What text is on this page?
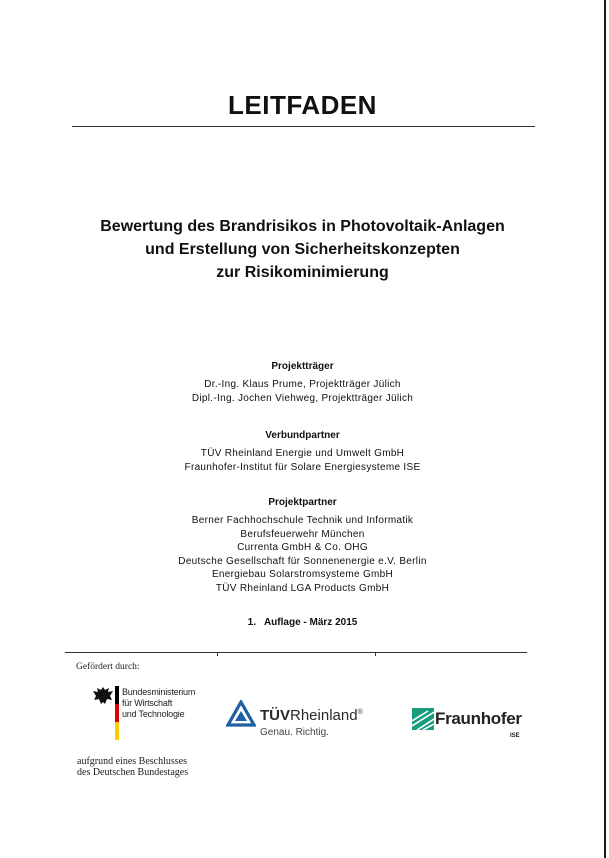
LEITFADEN
Bewertung des Brandrisikos in Photovoltaik-Anlagen
und Erstellung von Sicherheitskonzepten
zur Risikominimierung
Projektträger
Dr.-Ing. Klaus Prume, Projektträger Jülich
Dipl.-Ing. Jochen Viehweg, Projektträger Jülich
Verbundpartner
TÜV Rheinland Energie und Umwelt GmbH
Fraunhofer-Institut für Solare Energiesysteme ISE
Projektpartner
Berner Fachhochschule Technik und Informatik
Berufsfeuerwehr München
Currenta GmbH & Co. OHG
Deutsche Gesellschaft für Sonnenenergie e.V. Berlin
Energiebau Solarstromsysteme GmbH
TÜV Rheinland LGA Products GmbH
1.   Auflage - März 2015
Gefördert durch:
Bundesministerium
für Wirtschaft
und Technologie
aufgrund eines Beschlusses
des Deutschen Bundestages
TÜVRheinland®
Genau. Richtig.
Fraunhofer
ISE
